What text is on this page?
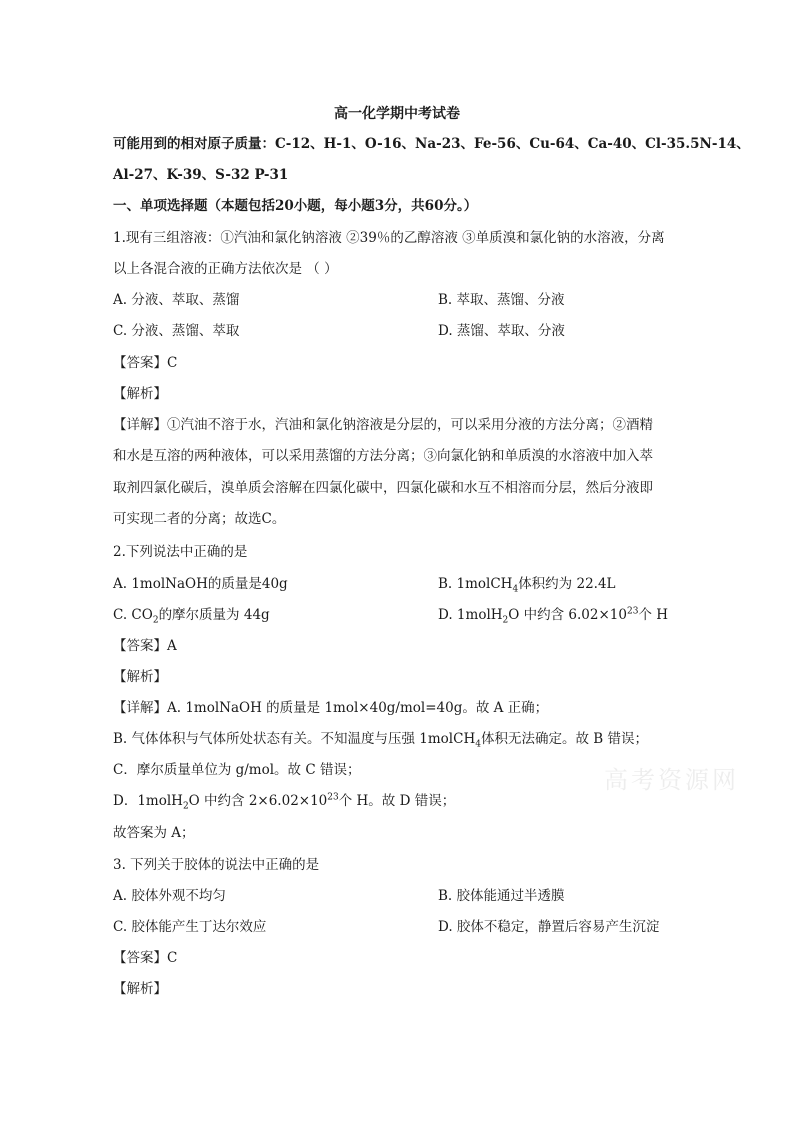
高考资源网
高一化学期中考试卷
可能用到的相对原子质量：C-12、H-1、O-16、Na-23、Fe-56、Cu-64、Ca-40、Cl-35.5N-14、
Al-27、K-39、S-32 P-31
一、单项选择题（本题包括20小题，每小题3分，共60分。）
1.现有三组溶液：①汽油和氯化钠溶液 ②39％的乙醇溶液 ③单质溴和氯化钠的水溶液，分离
以上各混合液的正确方法依次是 （ ）
A. 分液、萃取、蒸馏	B. 萃取、蒸馏、分液
C. 分液、蒸馏、萃取	D. 蒸馏、萃取、分液
【答案】C
【解析】
【详解】①汽油不溶于水，汽油和氯化钠溶液是分层的，可以采用分液的方法分离；②酒精
和水是互溶的两种液体，可以采用蒸馏的方法分离；③向氯化钠和单质溴的水溶液中加入萃
取剂四氯化碳后，溴单质会溶解在四氯化碳中，四氯化碳和水互不相溶而分层，然后分液即
可实现二者的分离；故选C。
2.下列说法中正确的是
A. 1molNaOH的质量是40g	B. 1molCH$_4$体积约为 22.4L
C. $CO_2$的摩尔质量为 44g	D. 1molH$_2$O 中约含 $6.02\times 10^{23}$个 H
【答案】A
【解析】
【详解】A. 1molNaOH 的质量是 1mol×40g/mol=40g。故 A 正确；
B. 气体体积与气体所处状态有关。不知温度与压强 1molCH$_4$体积无法确定。故 B 错误；
C．摩尔质量单位为 g/mol。故 C 错误；
D．1molH$_2$O 中约含 $2\times 6.02\times 10^{23}$个 H。故 D 错误；
故答案为 A；
3. 下列关于胶体的说法中正确的是
A. 胶体外观不均匀	B. 胶体能通过半透膜
C. 胶体能产生丁达尔效应	D. 胶体不稳定，静置后容易产生沉淀
【答案】C
【解析】
